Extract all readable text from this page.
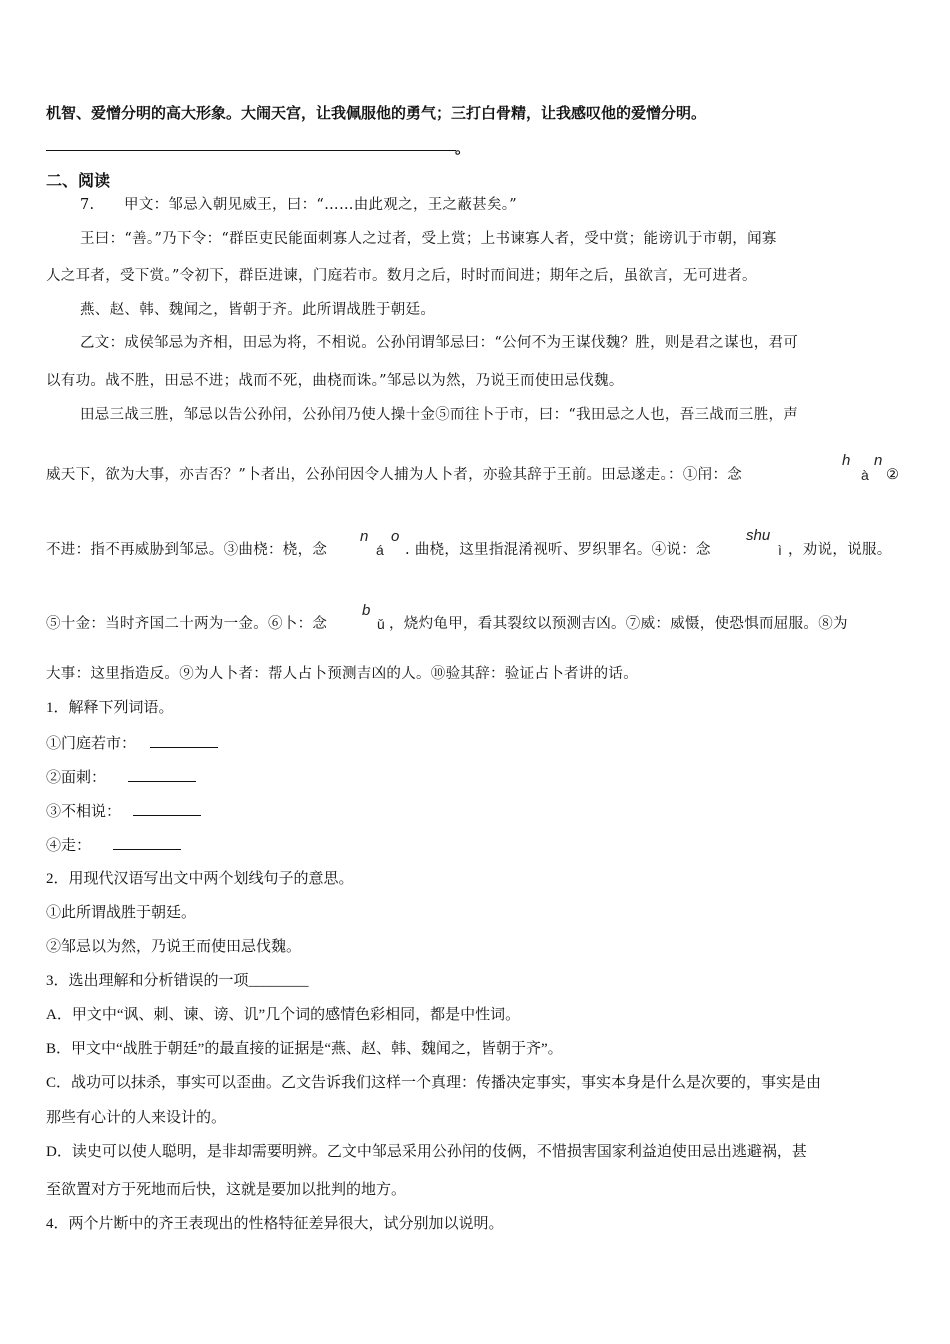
机智、爱憎分明的高大形象。大闹天宫，让我佩服他的勇气；三打白骨精，让我感叹他的爱憎分明。
。
二、阅读
7.　　甲文：邹忌入朝见威王，曰：“……由此观之，王之蔽甚矣。”
王曰：“善。”乃下令：“群臣吏民能面刺寡人之过者，受上赏；上书谏寡人者，受中赏；能谤讥于市朝，闻寡
人之耳者，受下赏。”令初下，群臣进谏，门庭若市。数月之后，时时而间进；期年之后，虽欲言，无可进者。
燕、赵、韩、魏闻之，皆朝于齐。此所谓战胜于朝廷。
乙文：成侯邹忌为齐相，田忌为将，不相说。公孙闬谓邹忌曰：“公何不为王谋伐魏？胜，则是君之谋也，君可
以有功。战不胜，田忌不进；战而不死，曲桡而诛。”邹忌以为然，乃说王而使田忌伐魏。
田忌三战三胜，邹忌以告公孙闬，公孙闬乃使人操十金⑤而往卜于市，曰：“我田忌之人也，吾三战而三胜，声
威天下，欲为大事，亦吉否？”卜者出，公孙闬因令人捕为人卜者，亦验其辞于王前。田忌遂走。：①闬：念
h n
à ②
不进：指不再威胁到邹忌。③曲桡：桡，念
n o
á . 曲桡，这里指混淆视听、罗织罪名。④说：念
shu
ì ，劝说，说服。
⑤十金：当时齐国二十两为一金。⑥卜：念
b
ǔ ，烧灼龟甲，看其裂纹以预测吉凶。⑦威：威慑，使恐惧而屈服。⑧为
大事：这里指造反。⑨为人卜者：帮人占卜预测吉凶的人。⑩验其辞：验证占卜者讲的话。
1．解释下列词语。
①门庭若市：
②面刺：
③不相说：
④走：
2．用现代汉语写出文中两个划线句子的意思。
①此所谓战胜于朝廷。
②邹忌以为然，乃说王而使田忌伐魏。
3．选出理解和分析错误的一项________
A．甲文中“讽、刺、谏、谤、讥”几个词的感情色彩相同，都是中性词。
B．甲文中“战胜于朝廷”的最直接的证据是“燕、赵、韩、魏闻之，皆朝于齐”。
C．战功可以抹杀，事实可以歪曲。乙文告诉我们这样一个真理：传播决定事实，事实本身是什么是次要的，事实是由
那些有心计的人来设计的。
D．读史可以使人聪明，是非却需要明辨。乙文中邹忌采用公孙闬的伎俩，不惜损害国家利益迫使田忌出逃避祸，甚
至欲置对方于死地而后快，这就是要加以批判的地方。
4．两个片断中的齐王表现出的性格特征差异很大，试分别加以说明。
